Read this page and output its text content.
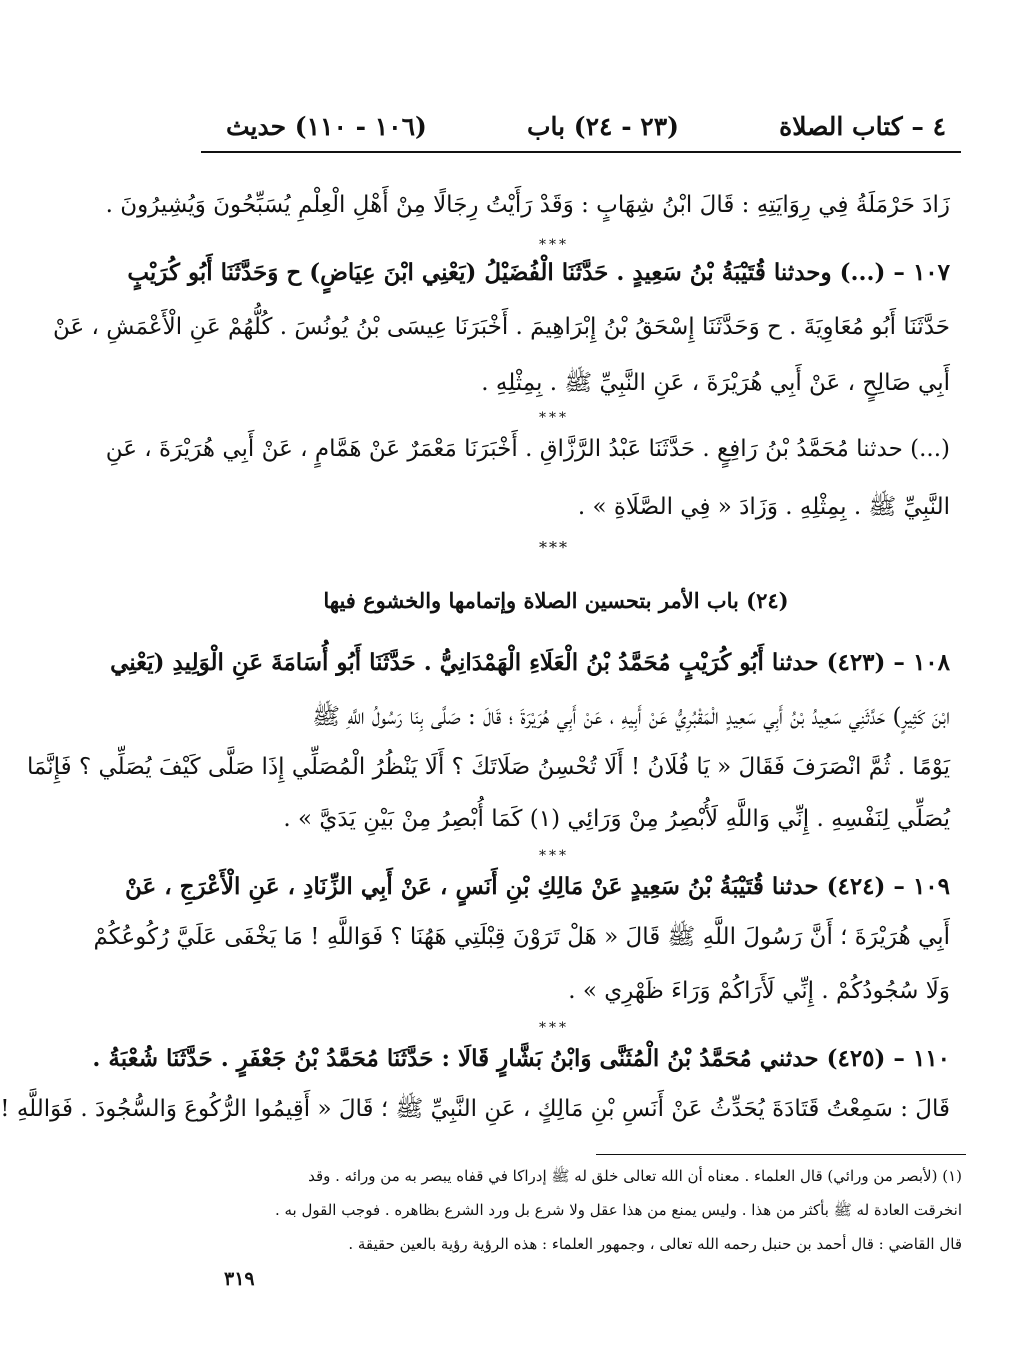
٤ – كتاب الصلاة
(٢٣ - ٢٤) باب
(١٠٦ - ١١٠) حديث
زَادَ حَرْمَلَةُ فِي رِوَايَتِهِ : قَالَ ابْنُ شِهَابٍ : وَقَدْ رَأَيْتُ رِجَالًا مِنْ أَهْلِ الْعِلْمِ يُسَبِّحُونَ وَيُشِيرُونَ .
***
١٠٧ – (...) وحدثنا قُتَيْبَةُ بْنُ سَعِيدٍ . حَدَّثَنَا الْفُضَيْلُ (يَعْنِي ابْنَ عِيَاضٍ) ح وَحَدَّثَنَا أَبُو كُرَيْبٍ
حَدَّثَنَا أَبُو مُعَاوِيَةَ . ح وَحَدَّثَنَا إِسْحَقُ بْنُ إِبْرَاهِيمَ . أَخْبَرَنَا عِيسَى بْنُ يُونُسَ . كُلُّهُمْ عَنِ الْأَعْمَشِ ، عَنْ
أَبِي صَالِحٍ ، عَنْ أَبِي هُرَيْرَةَ ، عَنِ النَّبِيِّ ﷺ . بِمِثْلِهِ .
***
(...) حدثنا مُحَمَّدُ بْنُ رَافِعٍ . حَدَّثَنَا عَبْدُ الرَّزَّاقِ . أَخْبَرَنَا مَعْمَرٌ عَنْ هَمَّامٍ ، عَنْ أَبِي هُرَيْرَةَ ، عَنِ
النَّبِيِّ ﷺ . بِمِثْلِهِ . وَزَادَ « فِي الصَّلَاةِ » .
***
(٢٤) باب الأمر بتحسين الصلاة وإتمامها والخشوع فيها
١٠٨ – (٤٢٣) حدثنا أَبُو كُرَيْبٍ مُحَمَّدُ بْنُ الْعَلَاءِ الْهَمْدَانِيُّ . حَدَّثَنَا أَبُو أُسَامَةَ عَنِ الْوَلِيدِ (يَعْنِي
ابْنَ كَثِيرٍ) حَدَّثَنِي سَعِيدُ بْنُ أَبِي سَعِيدٍ الْمَقْبُرِيُّ عَنْ أَبِيهِ ، عَنْ أَبِي هُرَيْرَةَ ؛ قَالَ : صَلَّى بِنَا رَسُولُ اللَّهِ ﷺ
يَوْمًا . ثُمَّ انْصَرَفَ فَقَالَ « يَا فُلَانُ ! أَلَا تُحْسِنُ صَلَاتَكَ ؟ أَلَا يَنْظُرُ الْمُصَلِّي إِذَا صَلَّى كَيْفَ يُصَلِّي ؟ فَإِنَّمَا
يُصَلِّي لِنَفْسِهِ . إِنِّي وَاللَّهِ لَأُبْصِرُ مِنْ وَرَائِي (١) كَمَا أُبْصِرُ مِنْ بَيْنِ يَدَيَّ » .
***
١٠٩ – (٤٢٤) حدثنا قُتَيْبَةُ بْنُ سَعِيدٍ عَنْ مَالِكِ بْنِ أَنَسٍ ، عَنْ أَبِي الزِّنَادِ ، عَنِ الْأَعْرَجِ ، عَنْ
أَبِي هُرَيْرَةَ ؛ أَنَّ رَسُولَ اللَّهِ ﷺ قَالَ « هَلْ تَرَوْنَ قِبْلَتِي هَهُنَا ؟ فَوَاللَّهِ ! مَا يَخْفَى عَلَيَّ رُكُوعُكُمْ
وَلَا سُجُودُكُمْ . إِنِّي لَأَرَاكُمْ وَرَاءَ ظَهْرِي » .
***
١١٠ – (٤٢٥) حدثني مُحَمَّدُ بْنُ الْمُثَنَّى وَابْنُ بَشَّارٍ قَالَا : حَدَّثَنَا مُحَمَّدُ بْنُ جَعْفَرٍ . حَدَّثَنَا شُعْبَةُ .
قَالَ : سَمِعْتُ قَتَادَةَ يُحَدِّثُ عَنْ أَنَسِ بْنِ مَالِكٍ ، عَنِ النَّبِيِّ ﷺ ؛ قَالَ « أَقِيمُوا الرُّكُوعَ وَالسُّجُودَ . فَوَاللَّهِ !
(١) (لأبصر من ورائي) قال العلماء . معناه أن الله تعالى خلق له ﷺ إدراكا في قفاه يبصر به من ورائه . وقد
انخرقت العادة له ﷺ بأكثر من هذا . وليس يمنع من هذا عقل ولا شرع بل ورد الشرع بظاهره . فوجب القول به .
قال القاضي : قال أحمد بن حنبل رحمه الله تعالى ، وجمهور العلماء : هذه الرؤية رؤية بالعين حقيقة .
٣١٩
